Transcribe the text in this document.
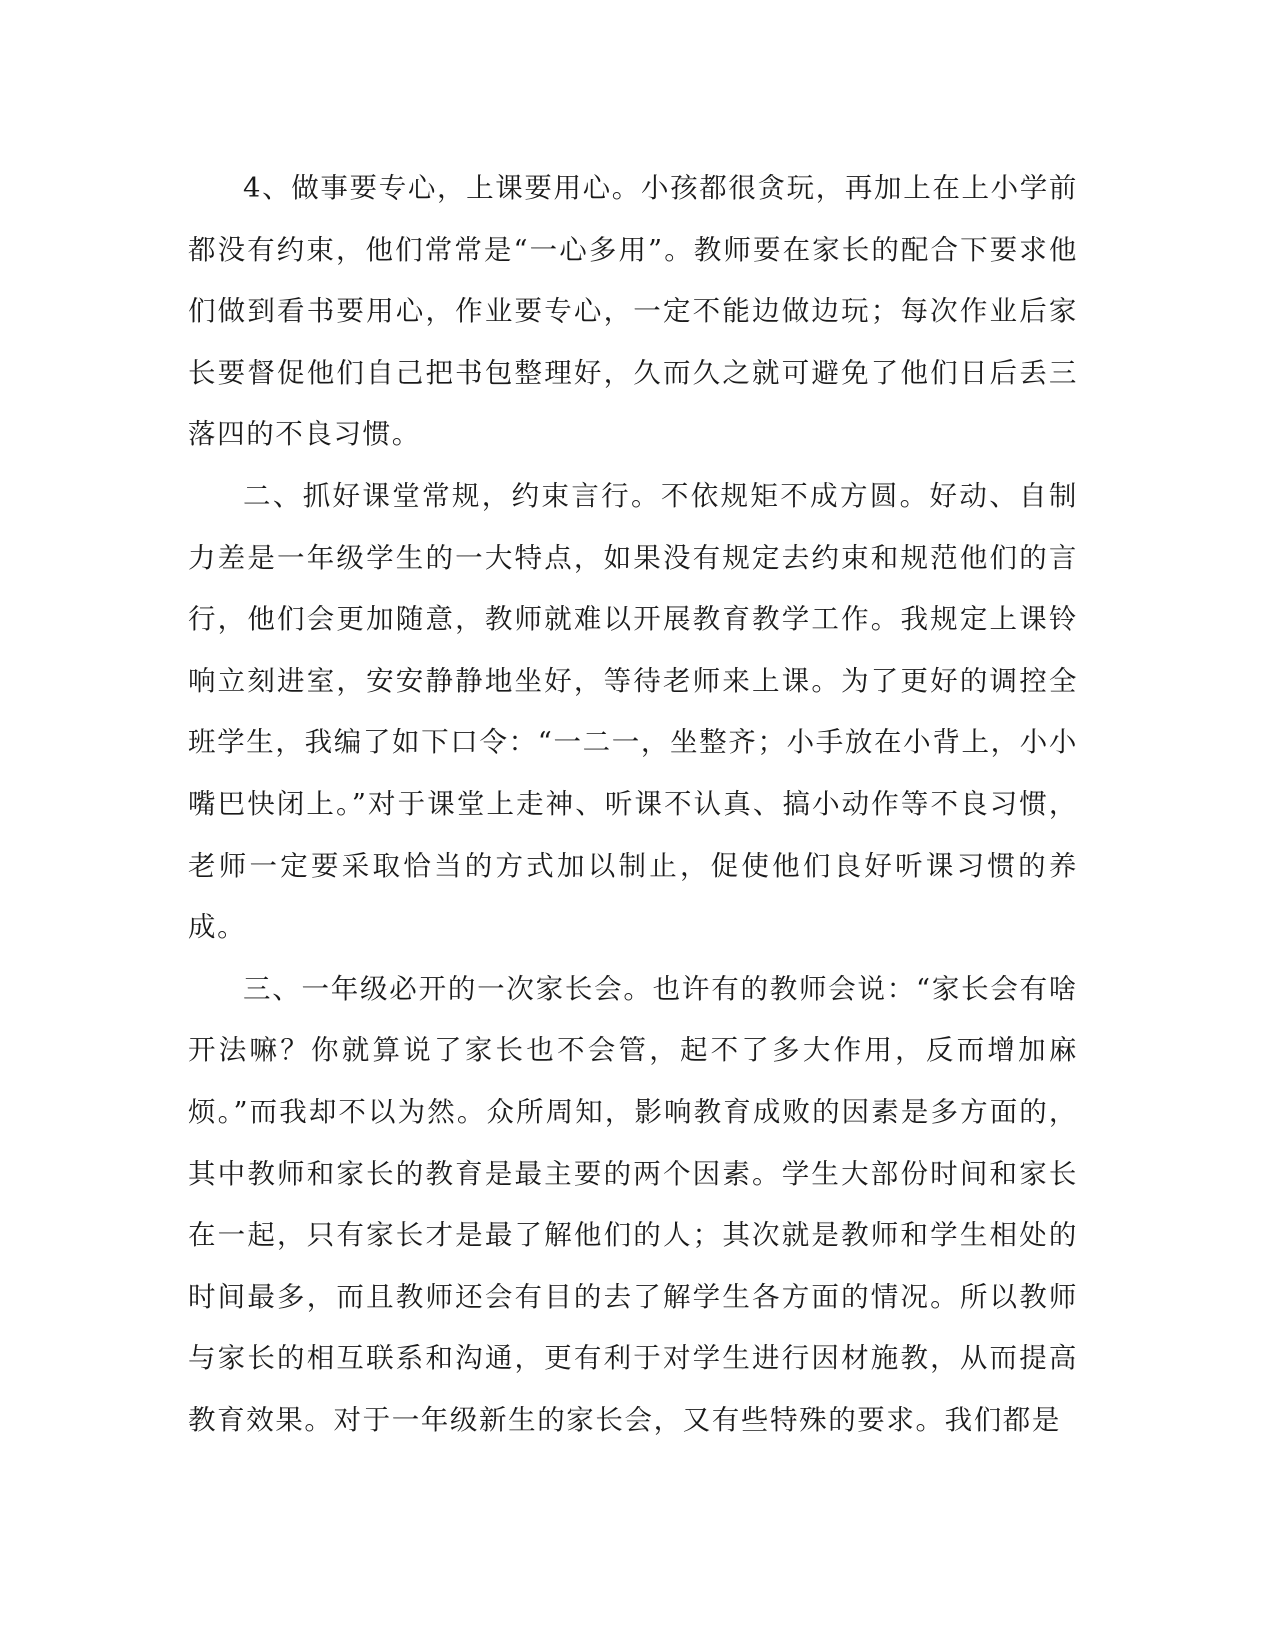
4、做事要专心，上课要用心。小孩都很贪玩，再加上在上小学前都没有约束，他们常常是“一心多用”。教师要在家长的配合下要求他们做到看书要用心，作业要专心，一定不能边做边玩；每次作业后家长要督促他们自己把书包整理好，久而久之就可避免了他们日后丢三落四的不良习惯。

二、抓好课堂常规，约束言行。不依规矩不成方圆。好动、自制力差是一年级学生的一大特点，如果没有规定去约束和规范他们的言行，他们会更加随意，教师就难以开展教育教学工作。我规定上课铃响立刻进室，安安静静地坐好，等待老师来上课。为了更好的调控全班学生，我编了如下口令：“一二一，坐整齐；小手放在小背上，小小嘴巴快闭上。”对于课堂上走神、听课不认真、搞小动作等不良习惯，老师一定要采取恰当的方式加以制止，促使他们良好听课习惯的养成。

三、一年级必开的一次家长会。也许有的教师会说：“家长会有啥开法嘛？你就算说了家长也不会管，起不了多大作用，反而增加麻烦。”而我却不以为然。众所周知，影响教育成败的因素是多方面的，其中教师和家长的教育是最主要的两个因素。学生大部份时间和家长在一起，只有家长才是最了解他们的人；其次就是教师和学生相处的时间最多，而且教师还会有目的去了解学生各方面的情况。所以教师与家长的相互联系和沟通，更有利于对学生进行因材施教，从而提高教育效果。对于一年级新生的家长会，又有些特殊的要求。我们都是
